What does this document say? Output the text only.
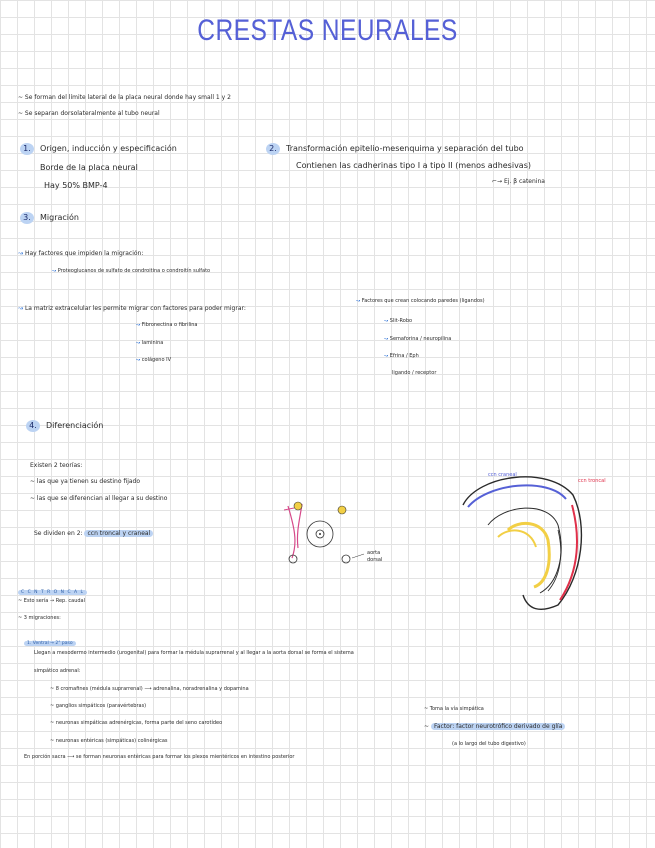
CRESTAS NEURALES
~ Se forman del límite lateral de la placa neural donde hay small 1 y 2
~ Se separan dorsolateralmente al tubo neural
1. Origen, inducción y especificación
Borde de la placa neural
Hay 50% BMP-4
2. Transformación epitelio-mesenquima y separación del tubo
Contienen las cadherinas tipo I a tipo II (menos adhesivas)
⌐→ Ej. β catenina
3. Migración
↝ Hay factores que impiden la migración:
↝ Proteoglucanos de sulfato de condroitina o condroitín sulfato
↝ La matriz extracelular les permite migrar con factores para poder migrar:
↝ Fibronectina o fibrilina
↝ laminina
↝ colágeno IV
↝ Factores que crean colocando paredes (ligandos)
↝ Slit-Robo
↝ Semaforina / neuropilina
↝ Efrina / Eph
ligando / receptor
4. Diferenciación
Existen 2 teorías:
~ las que ya tienen su destino fijado
~ las que se diferencian al llegar a su destino
Se dividen en 2: ccn troncal y craneal
aorta dorsal
ccn craneal
ccn troncal
C C N T R O N C A L
~ Esto sería → Rep. caudal
~ 3 migraciones:
1. Ventral → 2° paso
Llegan a mesodermo intermedio (urogenital) para formar la médula suprarrenal y al llegar a la aorta dorsal se forma el sistema
simpático adrenal:
~ 8 cromafines (médula suprarrenal) ⟶ adrenalina, noradrenalina y dopamina
~ ganglios simpáticos (paravértebras)
~ neuronas simpáticas adrenérgicas, forma parte del seno carotídeo
~ neuronas entéricas (simpáticas) colinérgicas
En porción sacra ⟶ se forman neuronas entéricas para formar los plexos mientéricos en intestino posterior
~ Toma la vía simpática
~ Factor: factor neurotrófico derivado de glía
(a lo largo del tubo digestivo)
